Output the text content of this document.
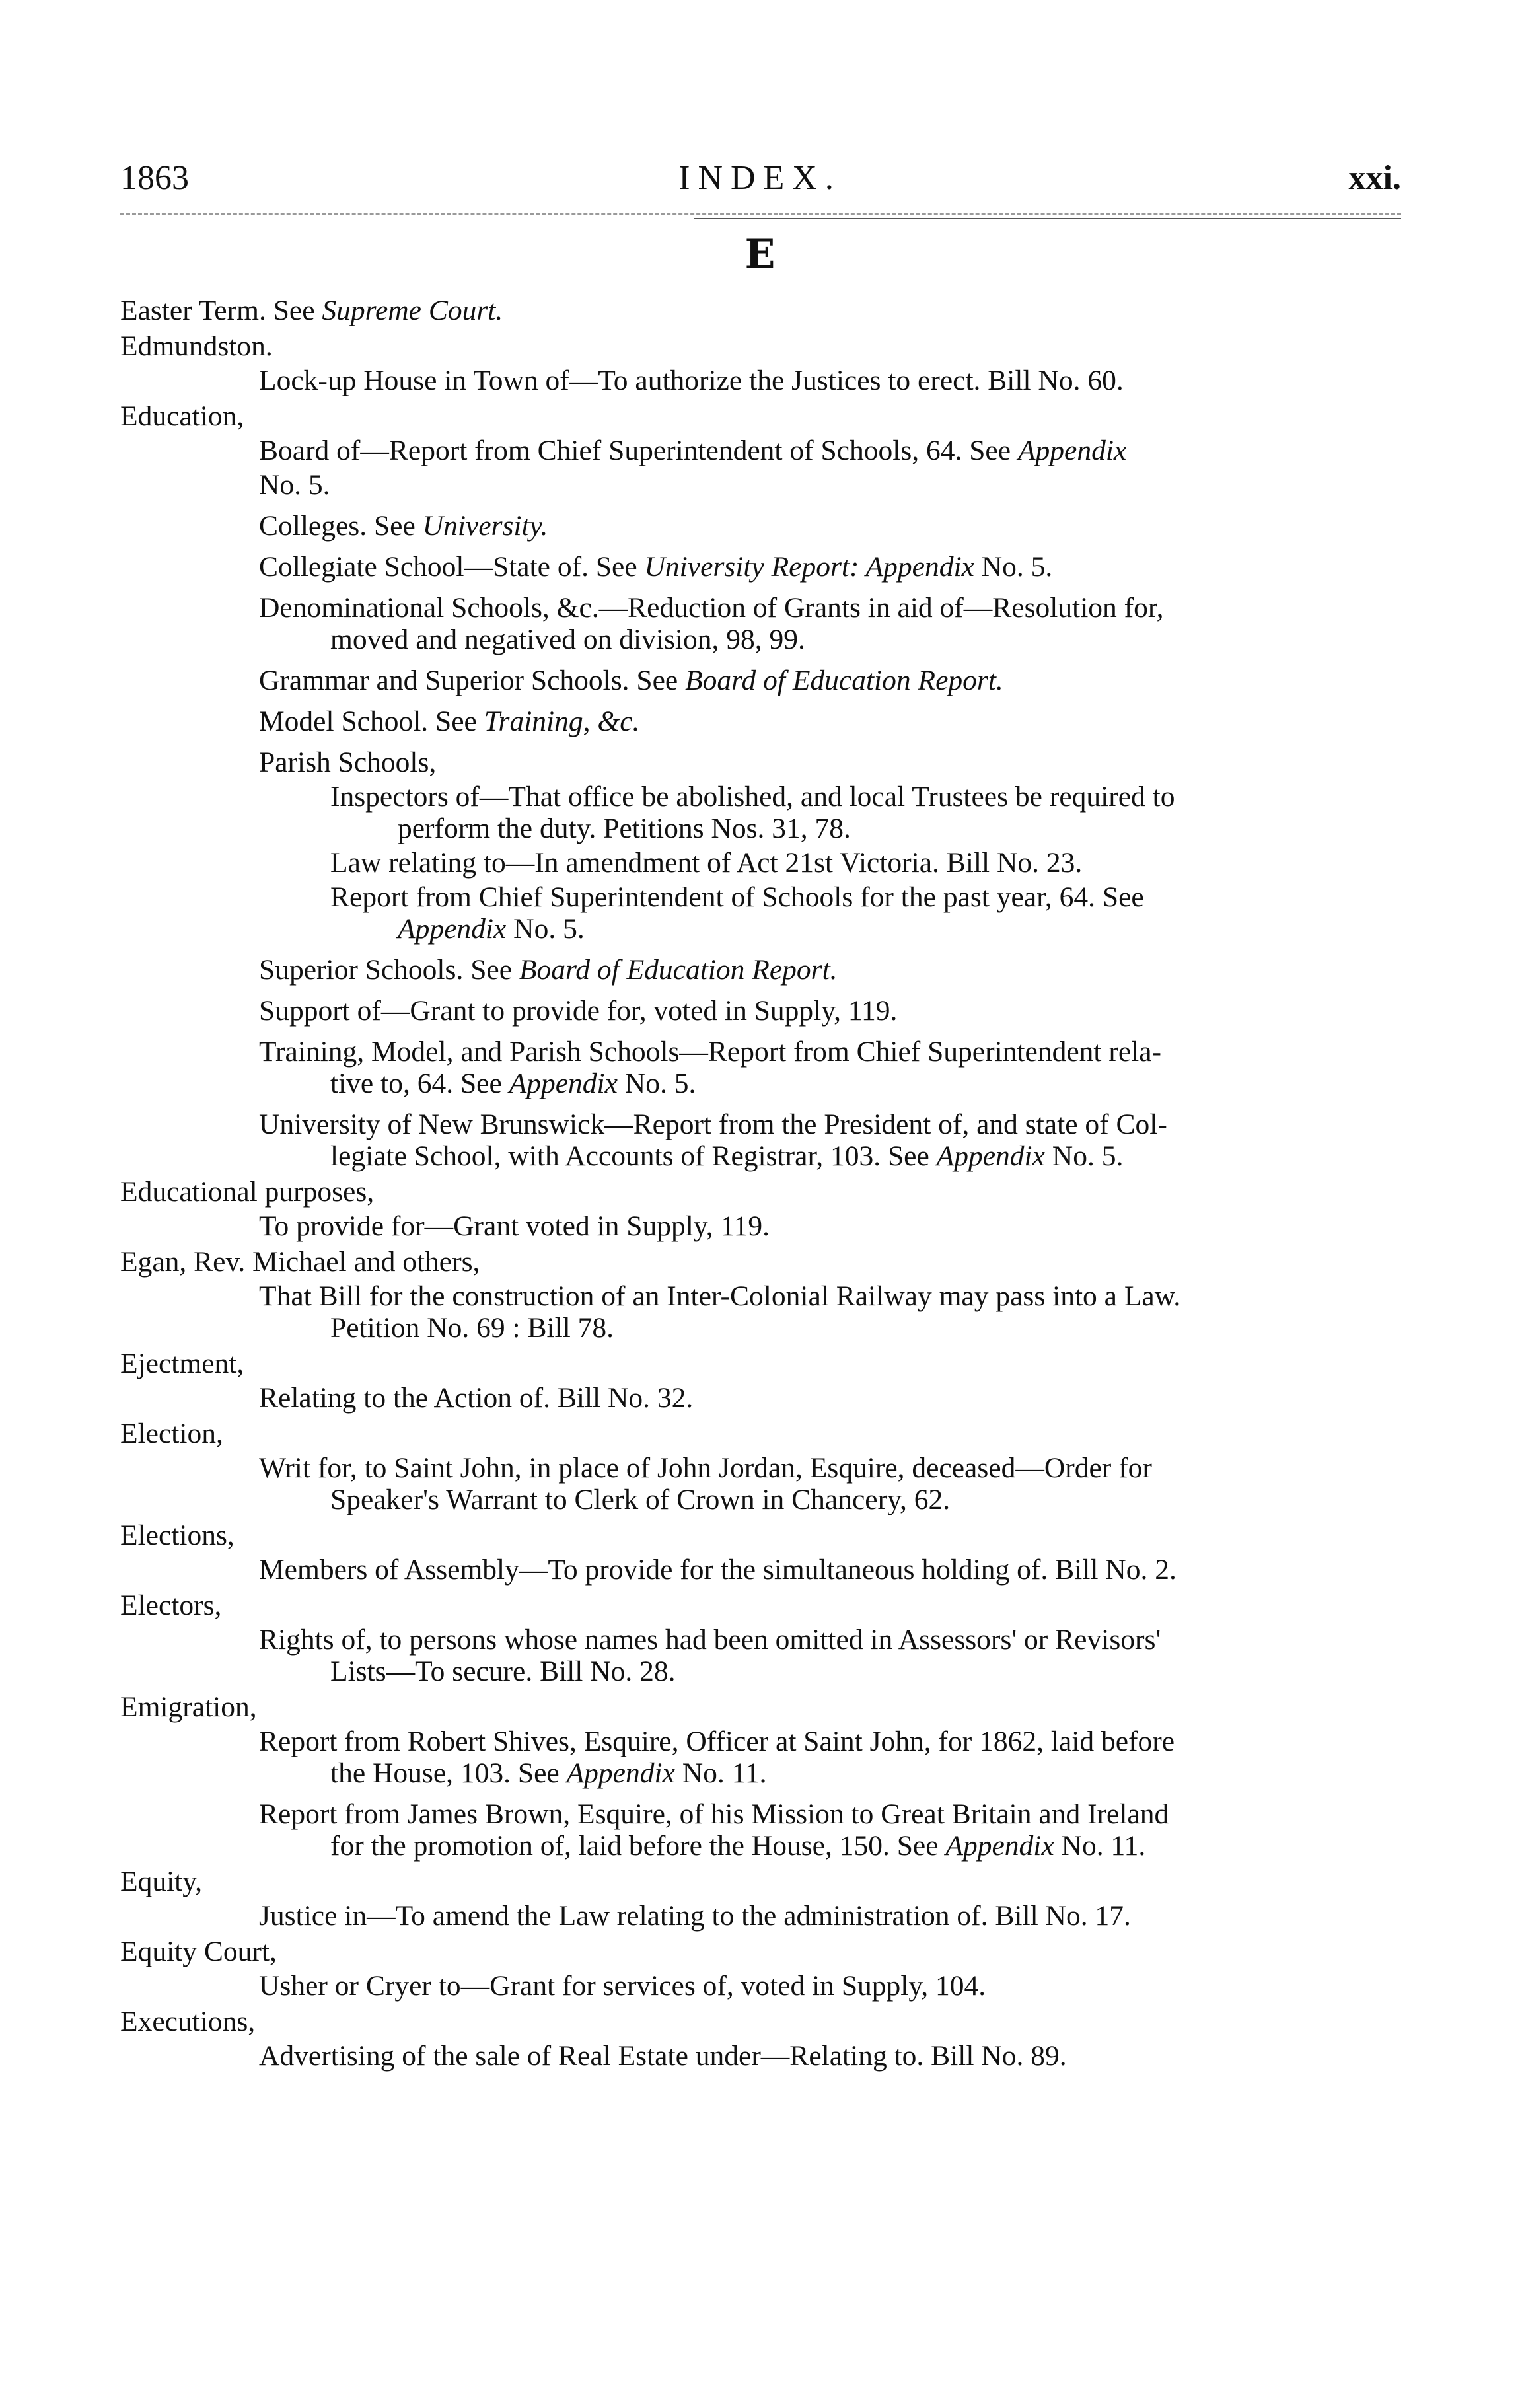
1863	INDEX.	xxi.
E
Easter Term. See Supreme Court.
Edmundston.
Lock-up House in Town of—To authorize the Justices to erect. Bill No. 60.
Education,
Board of—Report from Chief Superintendent of Schools, 64. See Appendix
No. 5.
Colleges. See University.
Collegiate School—State of. See University Report: Appendix No. 5.
Denominational Schools, &c.—Reduction of Grants in aid of—Resolution for,
moved and negatived on division, 98, 99.
Grammar and Superior Schools. See Board of Education Report.
Model School. See Training, &c.
Parish Schools,
Inspectors of—That office be abolished, and local Trustees be required to
perform the duty. Petitions Nos. 31, 78.
Law relating to—In amendment of Act 21st Victoria. Bill No. 23.
Report from Chief Superintendent of Schools for the past year, 64. See
Appendix No. 5.
Superior Schools. See Board of Education Report.
Support of—Grant to provide for, voted in Supply, 119.
Training, Model, and Parish Schools—Report from Chief Superintendent rela-
tive to, 64. See Appendix No. 5.
University of New Brunswick—Report from the President of, and state of Col-
legiate School, with Accounts of Registrar, 103. See Appendix No. 5.
Educational purposes,
To provide for—Grant voted in Supply, 119.
Egan, Rev. Michael and others,
That Bill for the construction of an Inter-Colonial Railway may pass into a Law.
Petition No. 69 : Bill 78.
Ejectment,
Relating to the Action of. Bill No. 32.
Election,
Writ for, to Saint John, in place of John Jordan, Esquire, deceased—Order for
Speaker's Warrant to Clerk of Crown in Chancery, 62.
Elections,
Members of Assembly—To provide for the simultaneous holding of. Bill No. 2.
Electors,
Rights of, to persons whose names had been omitted in Assessors' or Revisors'
Lists—To secure. Bill No. 28.
Emigration,
Report from Robert Shives, Esquire, Officer at Saint John, for 1862, laid before
the House, 103. See Appendix No. 11.
Report from James Brown, Esquire, of his Mission to Great Britain and Ireland
for the promotion of, laid before the House, 150. See Appendix No. 11.
Equity,
Justice in—To amend the Law relating to the administration of. Bill No. 17.
Equity Court,
Usher or Cryer to—Grant for services of, voted in Supply, 104.
Executions,
Advertising of the sale of Real Estate under—Relating to. Bill No. 89.
